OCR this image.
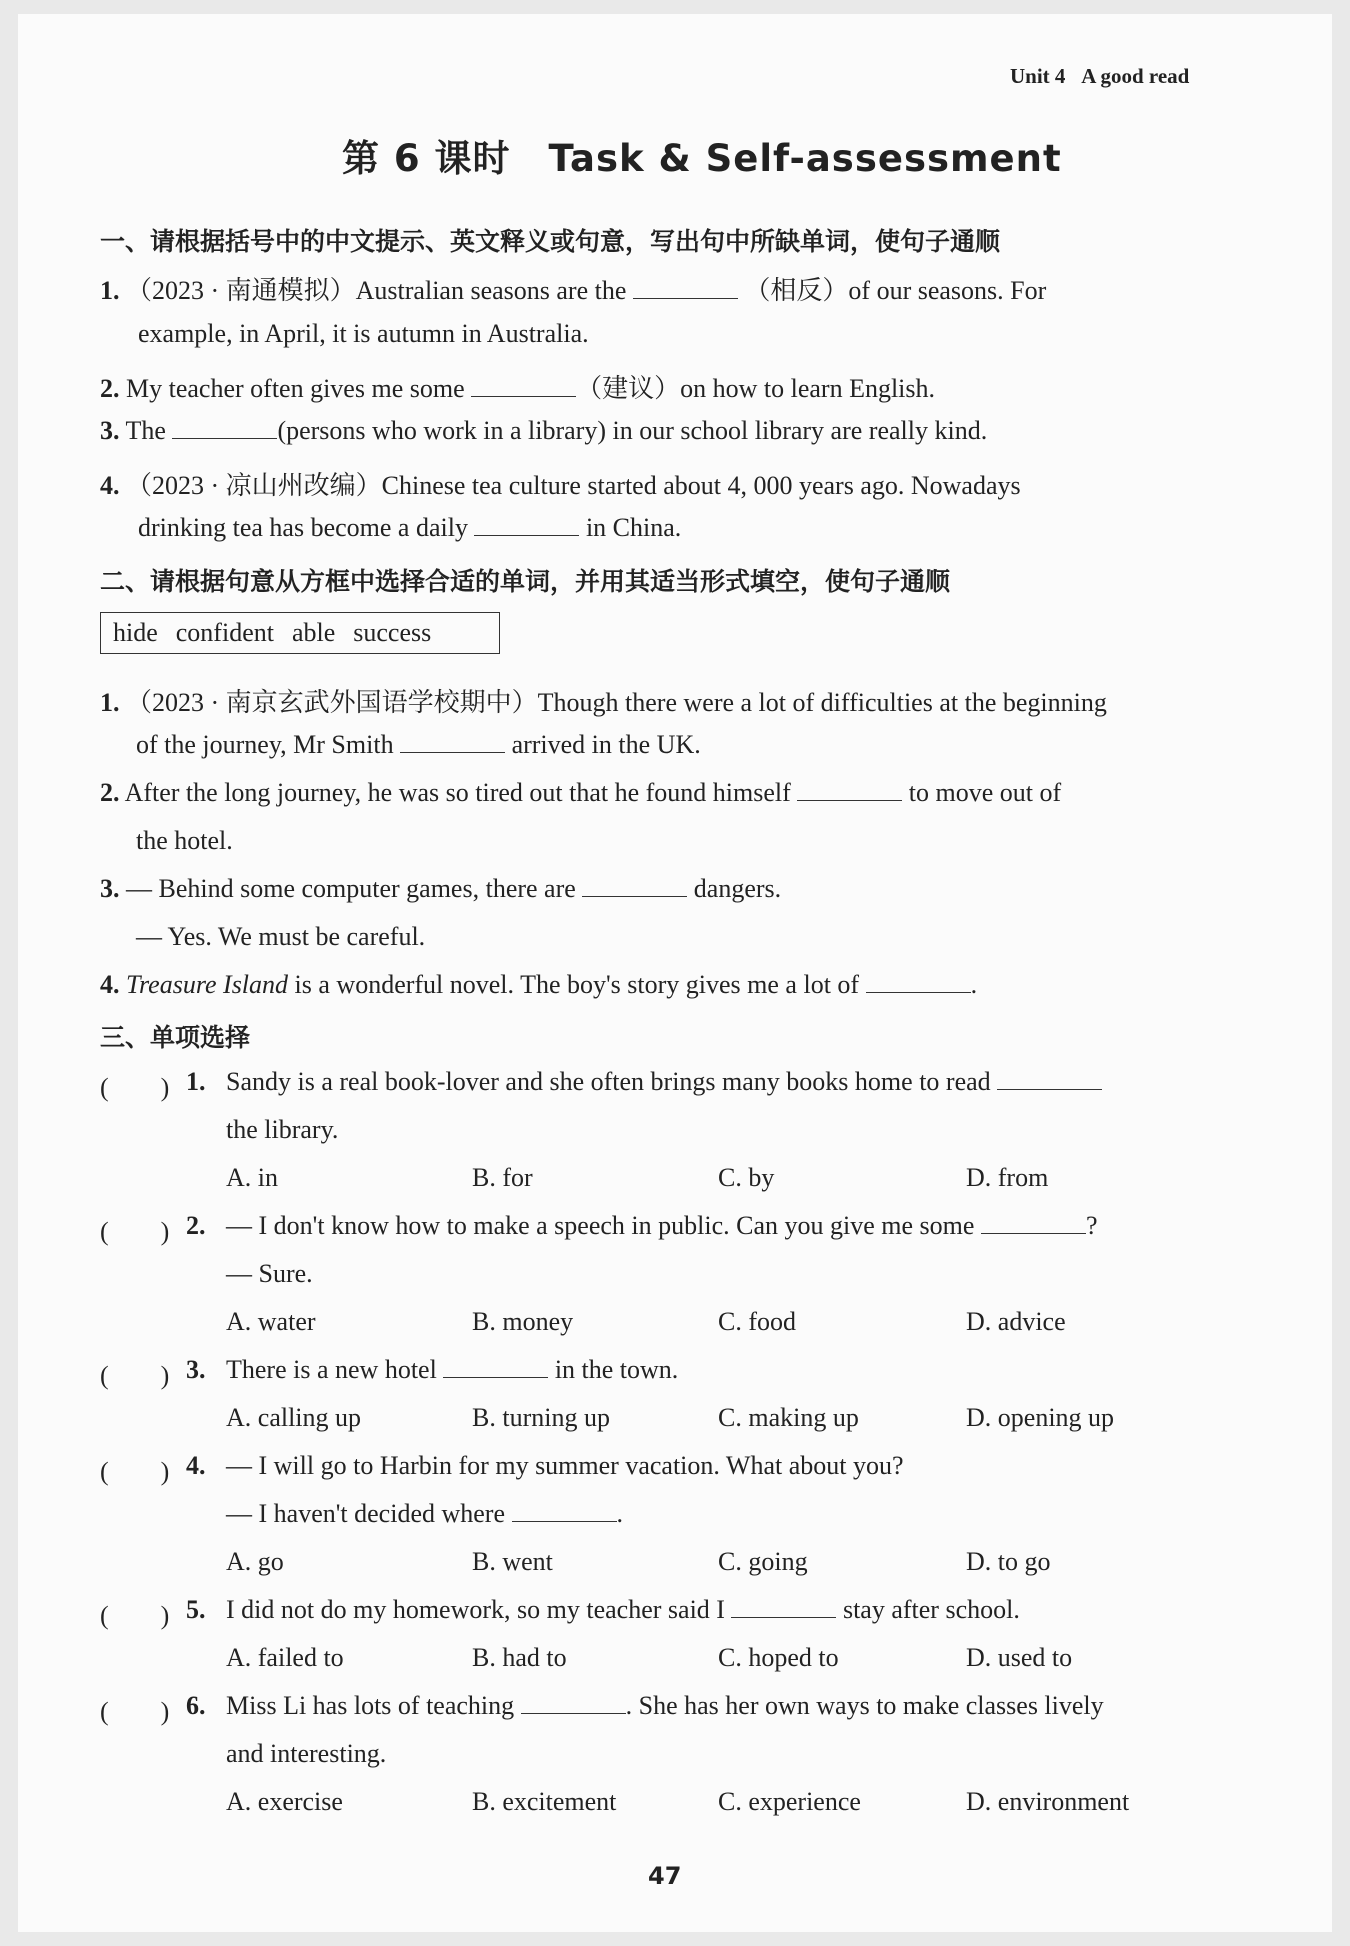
Unit 4 A good read
第 6 课时　Task & Self-assessment
一、请根据括号中的中文提示、英文释义或句意，写出句中所缺单词，使句子通顺
1. （2023 · 南通模拟）Australian seasons are the	（相反）of our seasons. For
example, in April, it is autumn in Australia.
2. My teacher often gives me some	（建议）on how to learn English.
3. The	(persons who work in a library) in our school library are really kind.
4. （2023 · 凉山州改编）Chinese tea culture started about 4, 000 years ago. Nowadays
drinking tea has become a daily	in China.
二、请根据句意从方框中选择合适的单词，并用其适当形式填空，使句子通顺
hide confident able success
1. （2023 · 南京玄武外国语学校期中）Though there were a lot of difficulties at the beginning
of the journey, Mr Smith	arrived in the UK.
2. After the long journey, he was so tired out that he found himself	to move out of
the hotel.
3. — Behind some computer games, there are	dangers.
— Yes. We must be careful.
4. Treasure Island is a wonderful novel. The boy's story gives me a lot of	.
三、单项选择
(　　) 1. Sandy is a real book-lover and she often brings many books home to read
the library.
A. in	B. for	C. by	D. from
(　　) 2. — I don't know how to make a speech in public. Can you give me some	?
— Sure.
A. water	B. money	C. food	D. advice
(　　) 3. There is a new hotel	in the town.
A. calling up	B. turning up	C. making up	D. opening up
(　　) 4. — I will go to Harbin for my summer vacation. What about you?
— I haven't decided where	.
A. go	B. went	C. going	D. to go
(　　) 5. I did not do my homework, so my teacher said I	stay after school.
A. failed to	B. had to	C. hoped to	D. used to
(　　) 6. Miss Li has lots of teaching	. She has her own ways to make classes lively
and interesting.
A. exercise	B. excitement	C. experience	D. environment
47
